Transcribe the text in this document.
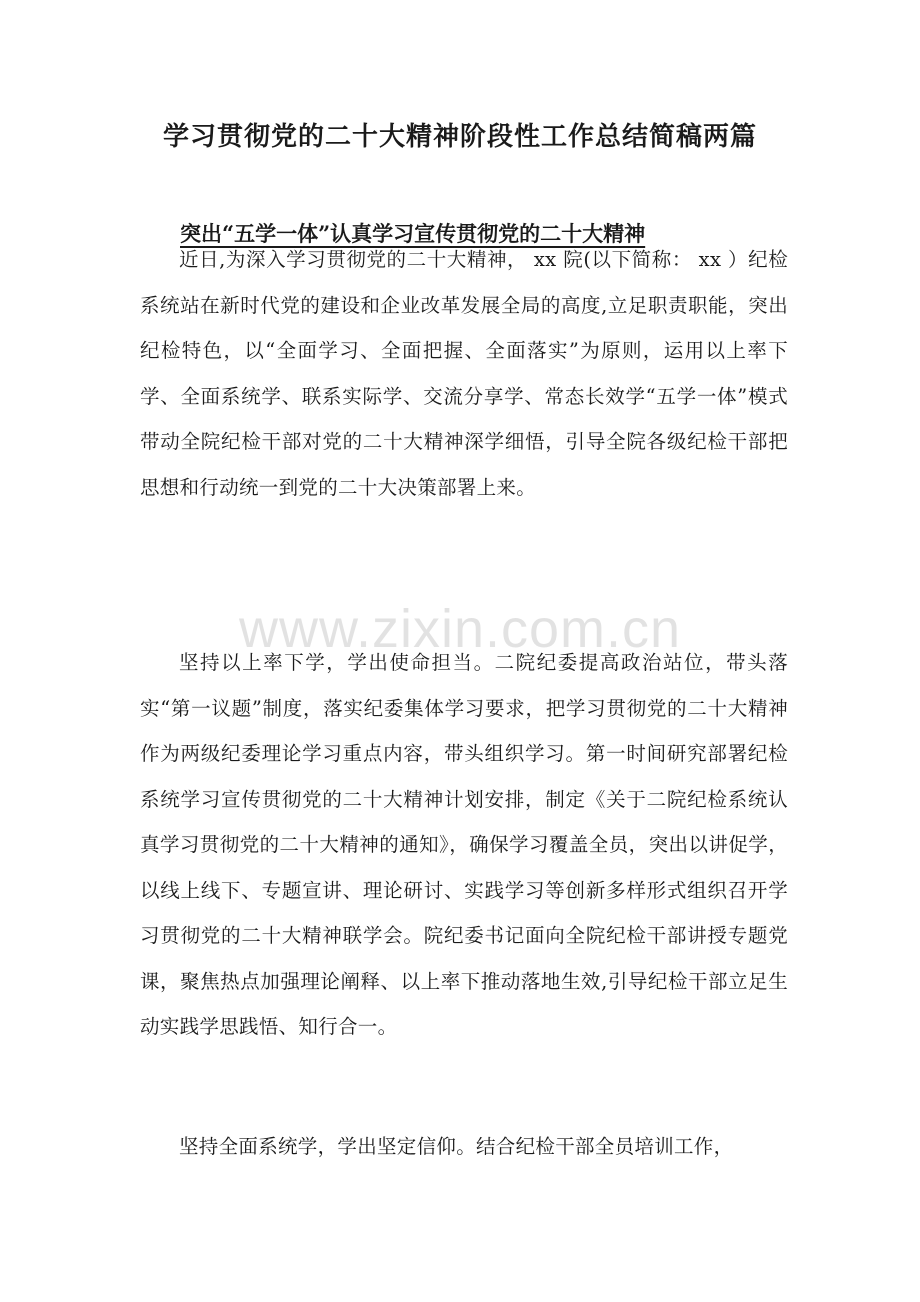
学习贯彻党的二十大精神阶段性工作总结简稿两篇
突出“五学一体”认真学习宣传贯彻党的二十大精神

近日,为深入学习贯彻党的二十大精神， xx 院(以下简称： xx ）纪检系统站在新时代党的建设和企业改革发展全局的高度,立足职责职能，突出纪检特色，以“全面学习、全面把握、全面落实”为原则，运用以上率下学、全面系统学、联系实际学、交流分享学、常态长效学“五学一体”模式带动全院纪检干部对党的二十大精神深学细悟，引导全院各级纪检干部把思想和行动统一到党的二十大决策部署上来。

坚持以上率下学，学出使命担当。二院纪委提高政治站位，带头落实“第一议题”制度，落实纪委集体学习要求，把学习贯彻党的二十大精神作为两级纪委理论学习重点内容，带头组织学习。第一时间研究部署纪检系统学习宣传贯彻党的二十大精神计划安排，制定《关于二院纪检系统认真学习贯彻党的二十大精神的通知》，确保学习覆盖全员，突出以讲促学，以线上线下、专题宣讲、理论研讨、实践学习等创新多样形式组织召开学习贯彻党的二十大精神联学会。院纪委书记面向全院纪检干部讲授专题党课，聚焦热点加强理论阐释、以上率下推动落地生效,引导纪检干部立足生动实践学思践悟、知行合一。

坚持全面系统学，学出坚定信仰。结合纪检干部全员培训工作，

www.zixin.com.cn
